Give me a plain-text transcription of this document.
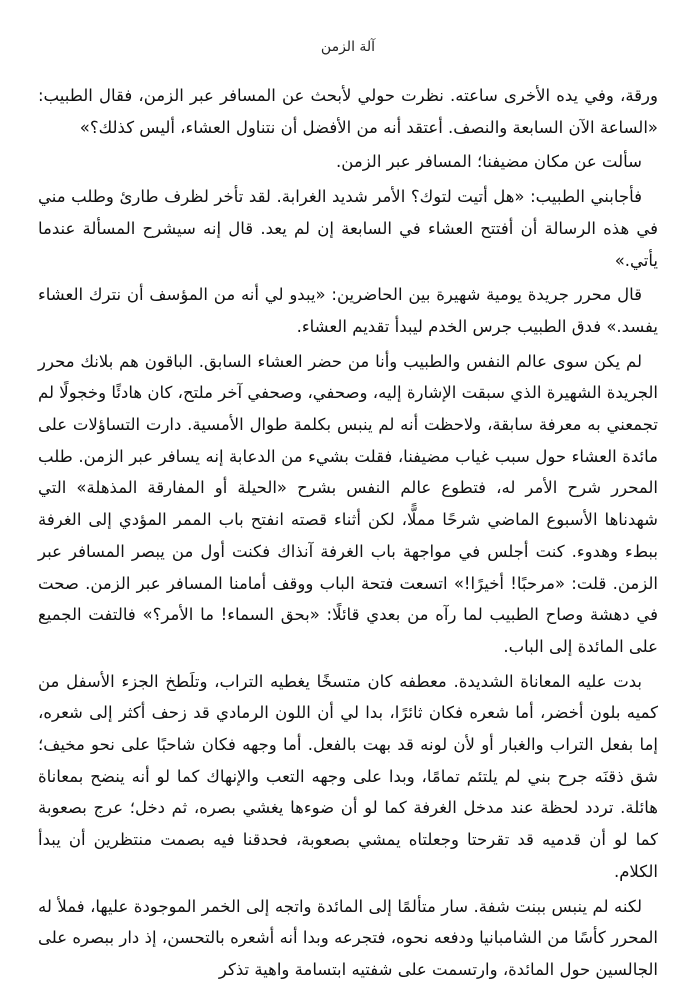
آلة الزمن

ورقة، وفي يده الأخرى ساعته. نظرت حولي لأبحث عن المسافر عبر الزمن، فقال الطبيب: «الساعة الآن السابعة والنصف. أعتقد أنه من الأفضل أن نتناول العشاء، أليس كذلك؟»

سألت عن مكان مضيفنا؛ المسافر عبر الزمن.

فأجابني الطبيب: «هل أتيت لتوك؟ الأمر شديد الغرابة. لقد تأخر لظرف طارئ وطلب مني في هذه الرسالة أن أفتتح العشاء في السابعة إن لم يعد. قال إنه سيشرح المسألة عندما يأتي.»

قال محرر جريدة يومية شهيرة بين الحاضرين: «يبدو لي أنه من المؤسف أن نترك العشاء يفسد.» فدق الطبيب جرس الخدم ليبدأ تقديم العشاء.

لم يكن سوى عالم النفس والطبيب وأنا من حضر العشاء السابق. الباقون هم بلانك محرر الجريدة الشهيرة الذي سبقت الإشارة إليه، وصحفي، وصحفي آخر ملتح، كان هادئًا وخجولًا لم تجمعني به معرفة سابقة، ولاحظت أنه لم ينبس بكلمة طوال الأمسية. دارت التساؤلات على مائدة العشاء حول سبب غياب مضيفنا، فقلت بشيء من الدعابة إنه يسافر عبر الزمن. طلب المحرر شرح الأمر له، فتطوع عالم النفس بشرح «الحيلة أو المفارقة المذهلة» التي شهدناها الأسبوع الماضي شرحًا مملًّا، لكن أثناء قصته انفتح باب الممر المؤدي إلى الغرفة ببطء وهدوء. كنت أجلس في مواجهة باب الغرفة آنذاك فكنت أول من يبصر المسافر عبر الزمن. قلت: «مرحبًا! أخيرًا!» اتسعت فتحة الباب ووقف أمامنا المسافر عبر الزمن. صحت في دهشة وصاح الطبيب لما رآه من بعدي قائلًا: «بحق السماء! ما الأمر؟» فالتفت الجميع على المائدة إلى الباب.

بدت عليه المعاناة الشديدة. معطفه كان متسخًا يغطيه التراب، وتلَطخ الجزء الأسفل من كميه بلون أخضر، أما شعره فكان ثائرًا، بدا لي أن اللون الرمادي قد زحف أكثر إلى شعره، إما بفعل التراب والغبار أو لأن لونه قد بهت بالفعل. أما وجهه فكان شاحبًا على نحو مخيف؛ شق ذقنَه جرح بني لم يلتئم تمامًا، وبدا على وجهه التعب والإنهاك كما لو أنه ينضح بمعاناة هائلة. تردد لحظة عند مدخل الغرفة كما لو أن ضوءها يغشي بصره، ثم دخل؛ عرج بصعوبة كما لو أن قدميه قد تقرحتا وجعلتاه يمشي بصعوبة، فحدقنا فيه بصمت منتظرين أن يبدأ الكلام.

لكنه لم ينبس ببنت شفة. سار متألمًا إلى المائدة واتجه إلى الخمر الموجودة عليها، فملأ له المحرر كأسًا من الشامبانيا ودفعه نحوه، فتجرعه وبدا أنه أشعره بالتحسن، إذ دار ببصره على الجالسين حول المائدة، وارتسمت على شفتيه ابتسامة واهية تذكر
